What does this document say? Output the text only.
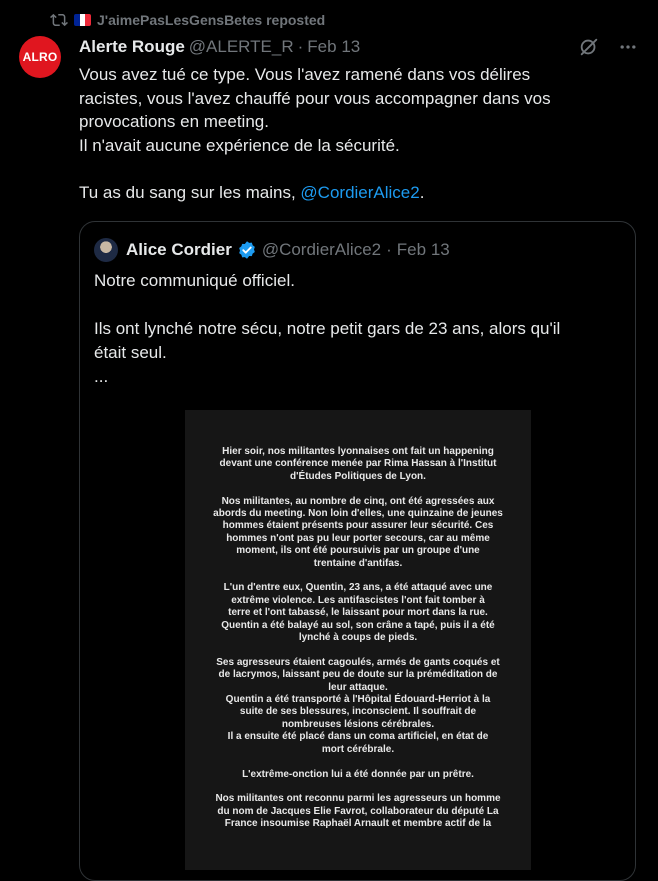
J'aimePasLesGensBetes reposted
ALRO
Alerte Rouge @ALERTE_R · Feb 13

Vous avez tué ce type. Vous l'avez ramené dans vos délires

racistes, vous l'avez chauffé pour vous accompagner dans vos

provocations en meeting.

Il n'avait aucune expérience de la sécurité.

Tu as du sang sur les mains, @CordierAlice2.

Alice Cordier @CordierAlice2 · Feb 13

Notre communiqué officiel.

Ils ont lynché notre sécu, notre petit gars de 23 ans, alors qu'il

était seul.

...

Hier soir, nos militantes lyonnaises ont fait un happening
devant une conférence menée par Rima Hassan à l'Institut
d'Études Politiques de Lyon.

Nos militantes, au nombre de cinq, ont été agressées aux
abords du meeting. Non loin d'elles, une quinzaine de jeunes
hommes étaient présents pour assurer leur sécurité. Ces
hommes n'ont pas pu leur porter secours, car au même
moment, ils ont été poursuivis par un groupe d'une
trentaine d'antifas.

L'un d'entre eux, Quentin, 23 ans, a été attaqué avec une
extrême violence. Les antifascistes l'ont fait tomber à
terre et l'ont tabassé, le laissant pour mort dans la rue.
Quentin a été balayé au sol, son crâne a tapé, puis il a été
lynché à coups de pieds.

Ses agresseurs étaient cagoulés, armés de gants coqués et
de lacrymos, laissant peu de doute sur la préméditation de
leur attaque.
Quentin a été transporté à l'Hôpital Édouard-Herriot à la
suite de ses blessures, inconscient. Il souffrait de
nombreuses lésions cérébrales.
Il a ensuite été placé dans un coma artificiel, en état de
mort cérébrale.

L'extrême-onction lui a été donnée par un prêtre.

Nos militantes ont reconnu parmi les agresseurs un homme
du nom de Jacques Elie Favrot, collaborateur du député La
France insoumise Raphaël Arnault et membre actif de la
